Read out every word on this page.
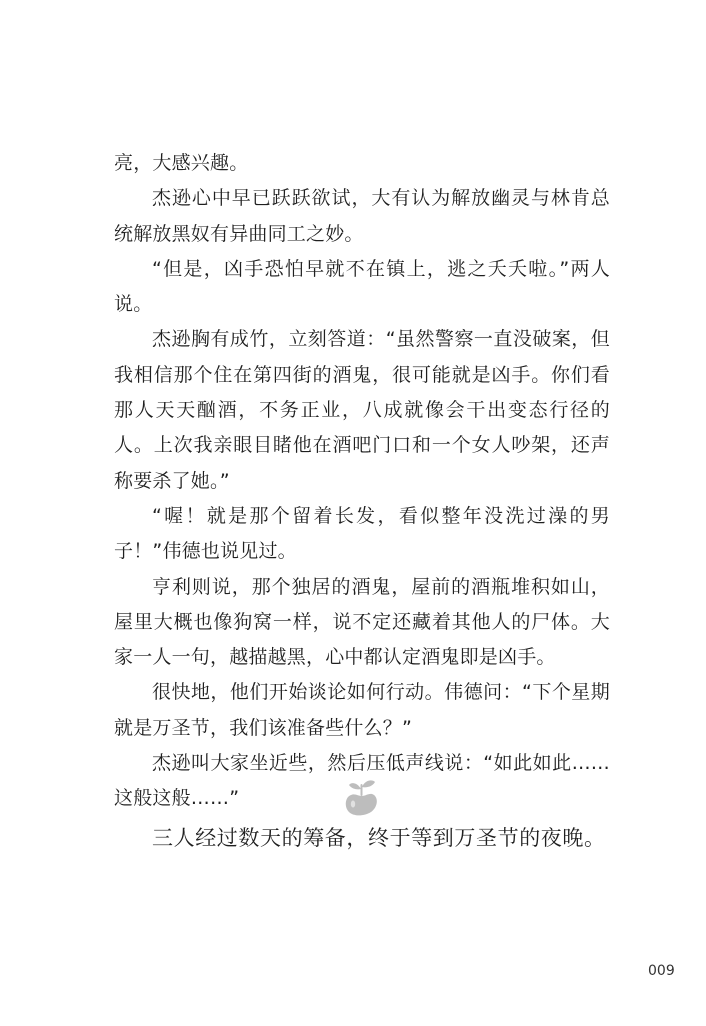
亮，大感兴趣。

杰逊心中早已跃跃欲试，大有认为解放幽灵与林肯总统解放黑奴有异曲同工之妙。

“但是，凶手恐怕早就不在镇上，逃之夭夭啦。”两人说。

杰逊胸有成竹，立刻答道：“虽然警察一直没破案，但我相信那个住在第四街的酒鬼，很可能就是凶手。你们看那人天天酗酒，不务正业，八成就像会干出变态行径的人。上次我亲眼目睹他在酒吧门口和一个女人吵架，还声称要杀了她。”

“喔！就是那个留着长发，看似整年没洗过澡的男子！”伟德也说见过。

亨利则说，那个独居的酒鬼，屋前的酒瓶堆积如山，屋里大概也像狗窝一样，说不定还藏着其他人的尸体。大家一人一句，越描越黑，心中都认定酒鬼即是凶手。

很快地，他们开始谈论如何行动。伟德问：“下个星期就是万圣节，我们该准备些什么？”

杰逊叫大家坐近些，然后压低声线说：“如此如此……这般这般……”

三人经过数天的筹备，终于等到万圣节的夜晚。

009
